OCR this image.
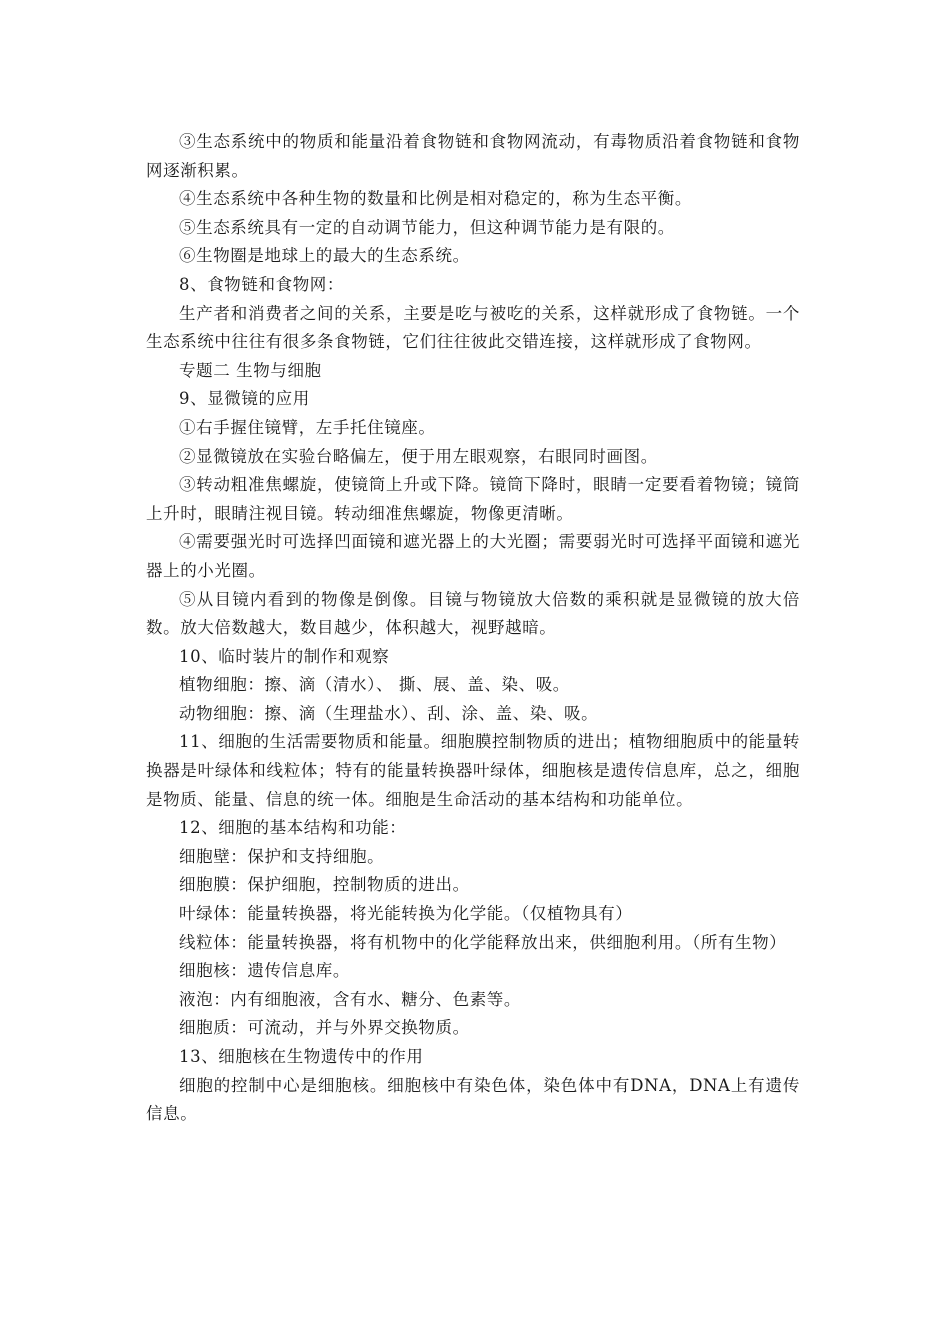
③生态系统中的物质和能量沿着食物链和食物网流动，有毒物质沿着食物链和食物网逐渐积累。

④生态系统中各种生物的数量和比例是相对稳定的，称为生态平衡。

⑤生态系统具有一定的自动调节能力，但这种调节能力是有限的。

⑥生物圈是地球上的最大的生态系统。

8、食物链和食物网：

生产者和消费者之间的关系，主要是吃与被吃的关系，这样就形成了食物链。一个生态系统中往往有很多条食物链，它们往往彼此交错连接，这样就形成了食物网。

专题二 生物与细胞

9、显微镜的应用

①右手握住镜臂，左手托住镜座。

②显微镜放在实验台略偏左，便于用左眼观察，右眼同时画图。

③转动粗准焦螺旋，使镜筒上升或下降。镜筒下降时，眼睛一定要看着物镜；镜筒上升时，眼睛注视目镜。转动细准焦螺旋，物像更清晰。

④需要强光时可选择凹面镜和遮光器上的大光圈；需要弱光时可选择平面镜和遮光器上的小光圈。

⑤从目镜内看到的物像是倒像。目镜与物镜放大倍数的乘积就是显微镜的放大倍数。放大倍数越大，数目越少，体积越大，视野越暗。

10、临时装片的制作和观察

植物细胞：擦、滴（清水）、 撕、展、盖、染、吸。

动物细胞：擦、滴（生理盐水）、刮、涂、盖、染、吸。

11、细胞的生活需要物质和能量。细胞膜控制物质的进出；植物细胞质中的能量转换器是叶绿体和线粒体；特有的能量转换器叶绿体，细胞核是遗传信息库，总之，细胞是物质、能量、信息的统一体。细胞是生命活动的基本结构和功能单位。

12、细胞的基本结构和功能：

细胞壁：保护和支持细胞。

细胞膜：保护细胞，控制物质的进出。

叶绿体：能量转换器，将光能转换为化学能。（仅植物具有）

线粒体：能量转换器，将有机物中的化学能释放出来，供细胞利用。（所有生物）

细胞核：遗传信息库。

液泡：内有细胞液，含有水、糖分、色素等。

细胞质：可流动，并与外界交换物质。

13、细胞核在生物遗传中的作用

细胞的控制中心是细胞核。细胞核中有染色体，染色体中有DNA，DNA上有遗传信息。
